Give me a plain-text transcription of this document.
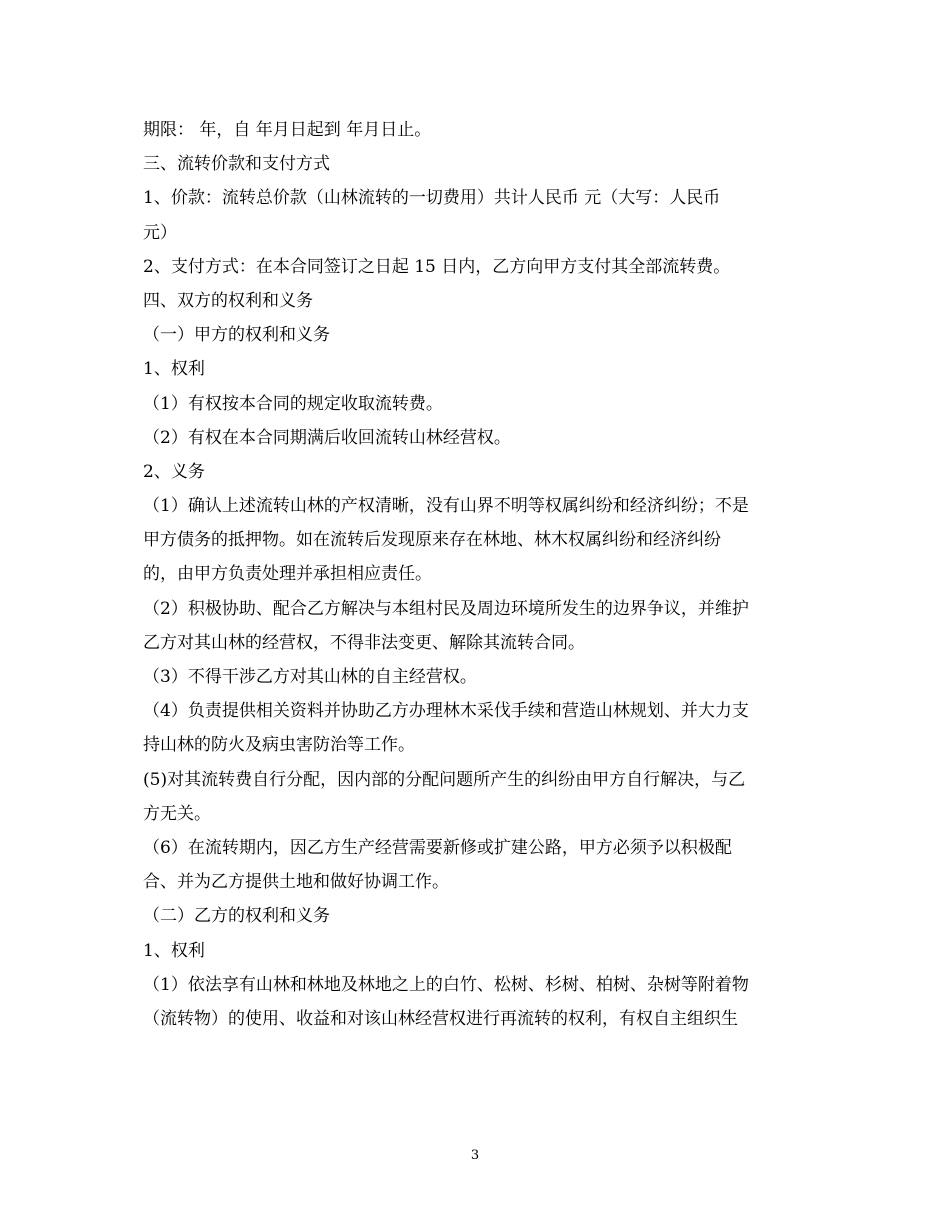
期限： 年，自 年月日起到 年月日止。
三、流转价款和支付方式
1、价款：流转总价款（山林流转的一切费用）共计人民币 元（大写：人民币
元）
2、支付方式：在本合同签订之日起 15 日内，乙方向甲方支付其全部流转费。
四、双方的权利和义务
（一）甲方的权利和义务
1、权利
（1）有权按本合同的规定收取流转费。
（2）有权在本合同期满后收回流转山林经营权。
2、义务
（1）确认上述流转山林的产权清晰，没有山界不明等权属纠纷和经济纠纷；不是
甲方债务的抵押物。如在流转后发现原来存在林地、林木权属纠纷和经济纠纷
的，由甲方负责处理并承担相应责任。
（2）积极协助、配合乙方解决与本组村民及周边环境所发生的边界争议，并维护
乙方对其山林的经营权，不得非法变更、解除其流转合同。
（3）不得干涉乙方对其山林的自主经营权。
（4）负责提供相关资料并协助乙方办理林木采伐手续和营造山林规划、并大力支
持山林的防火及病虫害防治等工作。
(5)对其流转费自行分配，因内部的分配问题所产生的纠纷由甲方自行解决，与乙
方无关。
（6）在流转期内，因乙方生产经营需要新修或扩建公路，甲方必须予以积极配
合、并为乙方提供土地和做好协调工作。
（二）乙方的权利和义务
1、权利
（1）依法享有山林和林地及林地之上的白竹、松树、杉树、柏树、杂树等附着物
（流转物）的使用、收益和对该山林经营权进行再流转的权利，有权自主组织生
3
